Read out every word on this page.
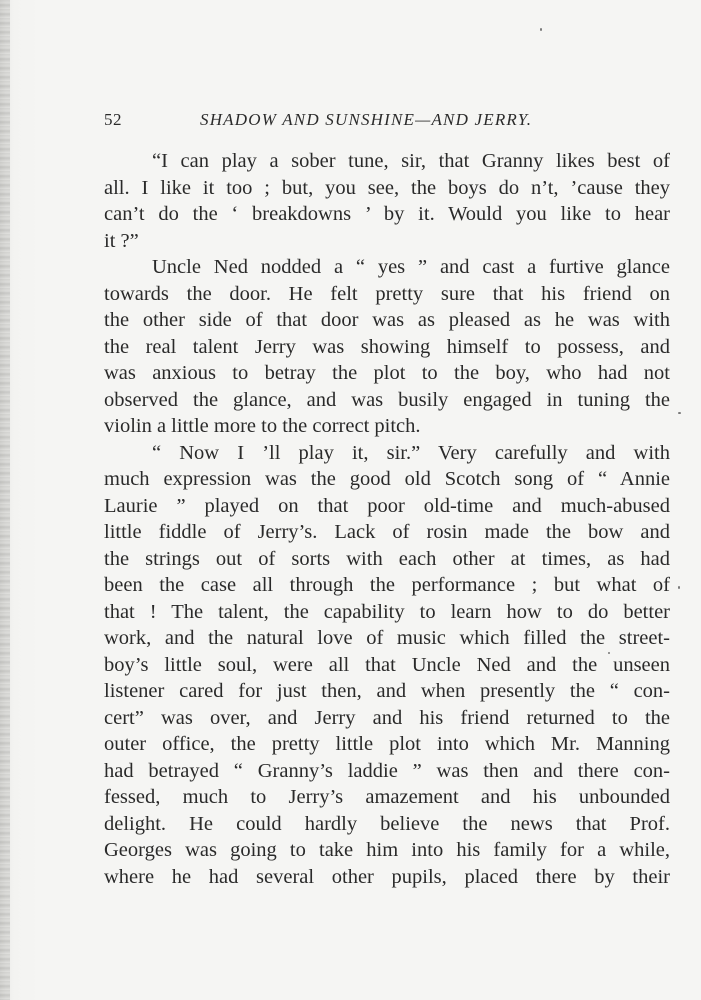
52	SHADOW AND SUNSHINE—AND JERRY.
“I can play a sober tune, sir, that Granny likes best of
all. I like it too ; but, you see, the boys do n’t, ’cause they
can’t do the ‘ breakdowns ’ by it. Would you like to hear
it ?”
Uncle Ned nodded a “ yes ” and cast a furtive glance
towards the door. He felt pretty sure that his friend on
the other side of that door was as pleased as he was with
the real talent Jerry was showing himself to possess, and
was anxious to betray the plot to the boy, who had not
observed the glance, and was busily engaged in tuning the
violin a little more to the correct pitch.
“ Now I ’ll play it, sir.” Very carefully and with
much expression was the good old Scotch song of “ Annie
Laurie ” played on that poor old-time and much-abused
little fiddle of Jerry’s. Lack of rosin made the bow and
the strings out of sorts with each other at times, as had
been the case all through the performance ; but what of
that ! The talent, the capability to learn how to do better
work, and the natural love of music which filled the street-
boy’s little soul, were all that Uncle Ned and the unseen
listener cared for just then, and when presently the “ con-
cert” was over, and Jerry and his friend returned to the
outer office, the pretty little plot into which Mr. Manning
had betrayed “ Granny’s laddie ” was then and there con-
fessed, much to Jerry’s amazement and his unbounded
delight. He could hardly believe the news that Prof.
Georges was going to take him into his family for a while,
where he had several other pupils, placed there by their
